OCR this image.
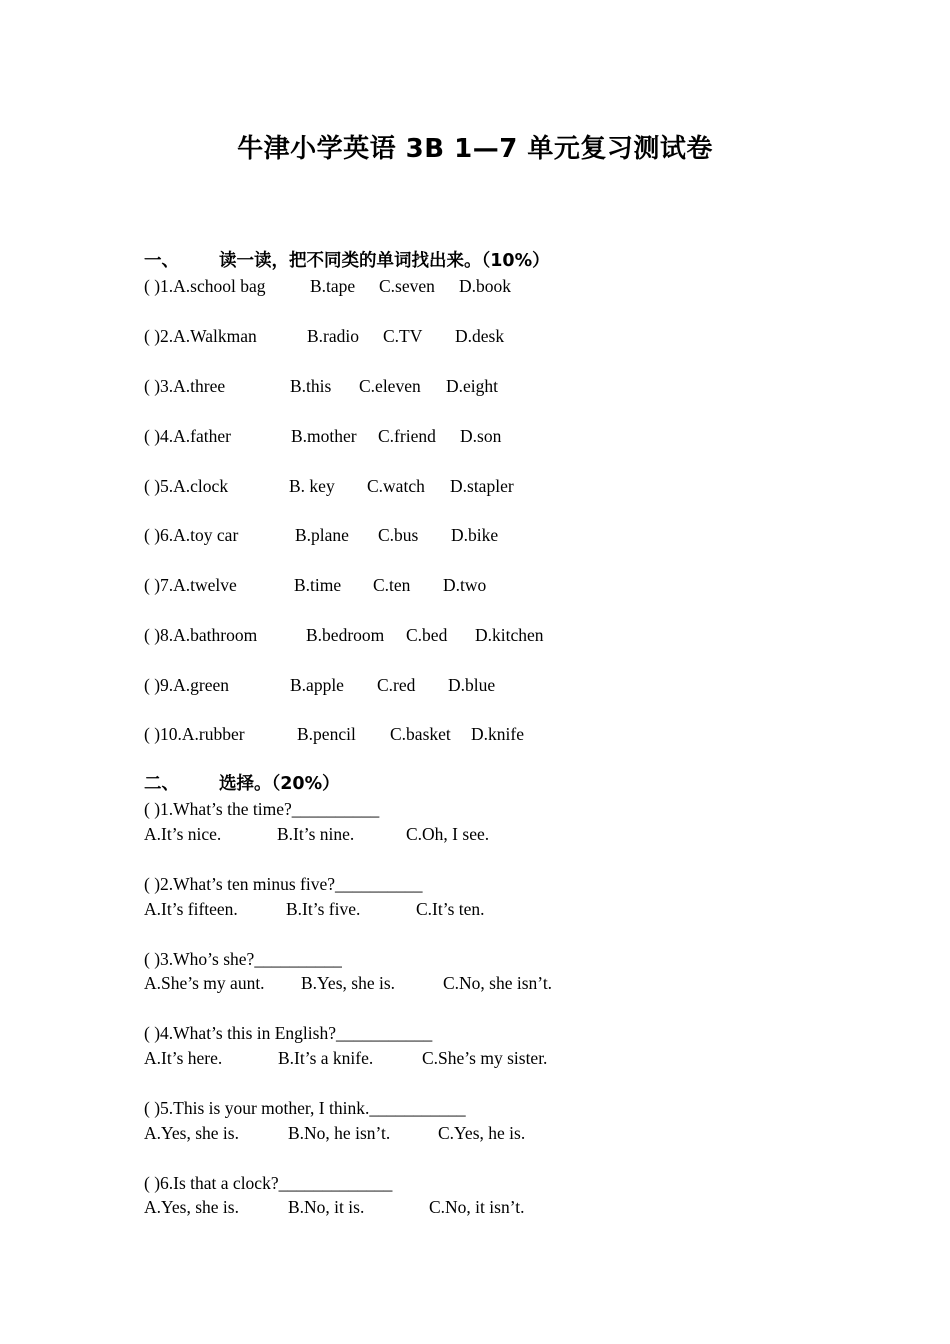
牛津小学英语 3B 1—7 单元复习测试卷
一、 读一读，把不同类的单词找出来。（10%）
( )1.A.school bag	B.tape C.seven D.book
( )2.A.Walkman	B.radio C.TV D.desk
( )3.A.three	B.this C.eleven D.eight
( )4.A.father	B.mother C.friend D.son
( )5.A.clock	B. key C.watch D.stapler
( )6.A.toy car	B.plane C.bus D.bike
( )7.A.twelve	B.time C.ten D.two
( )8.A.bathroom	B.bedroom C.bed D.kitchen
( )9.A.green	B.apple C.red D.blue
( )10.A.rubber	B.pencil C.basket D.knife
二、 选择。（20%）
( )1.What’s the time?__________
A.It’s nice.	B.It’s nine.	C.Oh, I see.
( )2.What’s ten minus five?__________
A.It’s fifteen.	B.It’s five.	C.It’s ten.
( )3.Who’s she?__________
A.She’s my aunt. B.Yes, she is.	C.No, she isn’t.
( )4.What’s this in English?___________
A.It’s here.	B.It’s a knife.	C.She’s my sister.
( )5.This is your mother, I think.___________
A.Yes, she is.	B.No, he isn’t.	C.Yes, he is.
( )6.Is that a clock?_____________
A.Yes, she is.	B.No, it is.	C.No, it isn’t.
